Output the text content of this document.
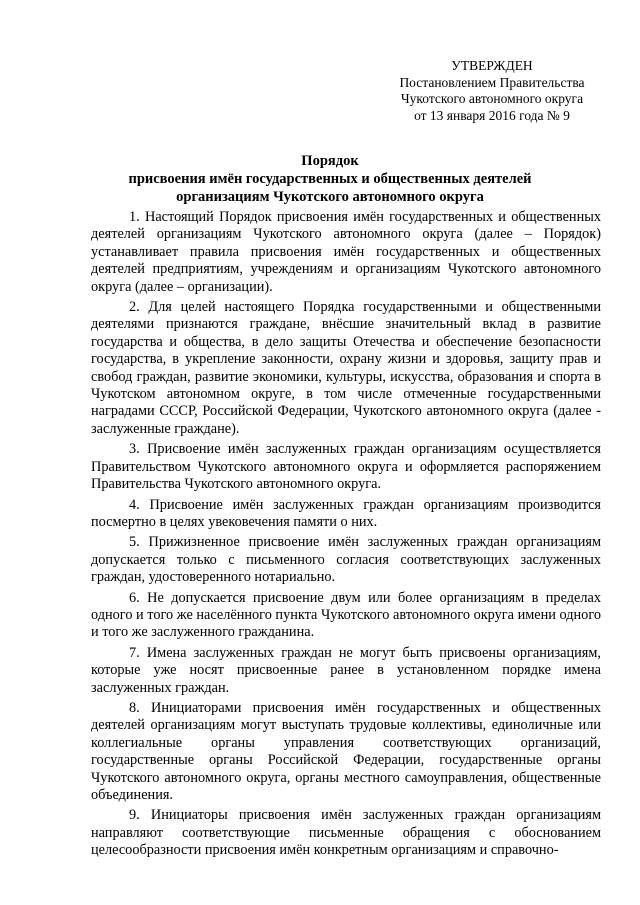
УТВЕРЖДЕН
Постановлением Правительства
Чукотского автономного округа
от 13 января 2016 года № 9
Порядок
присвоения имён государственных и общественных деятелей
организациям Чукотского автономного округа

1. Настоящий Порядок присвоения имён государственных и общественных деятелей организациям Чукотского автономного округа (далее – Порядок) устанавливает правила присвоения имён государственных и общественных деятелей предприятиям, учреждениям и организациям Чукотского автономного округа (далее – организации).

2. Для целей настоящего Порядка государственными и общественными деятелями признаются граждане, внёсшие значительный вклад в развитие государства и общества, в дело защиты Отечества и обеспечение безопасности государства, в укрепление законности, охрану жизни и здоровья, защиту прав и свобод граждан, развитие экономики, культуры, искусства, образования и спорта в Чукотском автономном округе, в том числе отмеченные государственными наградами СССР, Российской Федерации, Чукотского автономного округа (далее - заслуженные граждане).

3. Присвоение имён заслуженных граждан организациям осуществляется Правительством Чукотского автономного округа и оформляется распоряжением Правительства Чукотского автономного округа.

4. Присвоение имён заслуженных граждан организациям производится посмертно в целях увековечения памяти о них.

5. Прижизненное присвоение имён заслуженных граждан организациям допускается только с письменного согласия соответствующих заслуженных граждан, удостоверенного нотариально.

6. Не допускается присвоение двум или более организациям в пределах одного и того же населённого пункта Чукотского автономного округа имени одного и того же заслуженного гражданина.

7. Имена заслуженных граждан не могут быть присвоены организациям, которые уже носят присвоенные ранее в установленном порядке имена заслуженных граждан.

8. Инициаторами присвоения имён государственных и общественных деятелей организациям могут выступать трудовые коллективы, единоличные или коллегиальные органы управления соответствующих организаций, государственные органы Российской Федерации, государственные органы Чукотского автономного округа, органы местного самоуправления, общественные объединения.

9. Инициаторы присвоения имён заслуженных граждан организациям направляют соответствующие письменные обращения с обоснованием целесообразности присвоения имён конкретным организациям и справочно-
